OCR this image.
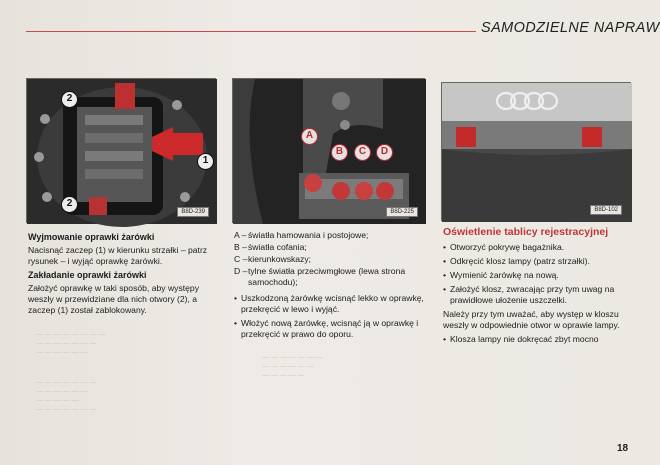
SAMODZIELNE NAPRAW
2
1
2
B8D-239
A
B	C	D
B8D-225	B8D-102
Wyjmowanie oprawki żarówki
Nacisnąć zaczep (1) w kierunku strzałki – patrz rysunek – i wyjąć oprawkę żarówki.
Zakładanie oprawki żarówki
Założyć oprawkę w taki sposób, aby występy weszły w przewidziane dla nich otwory (2), a zaczep (1) został zablokowany.
— — — — — — —
— — — — — —
— — — — —
— — — — — — — —
— — — — — — —
— — — — — —
— — — — — — —
— — — — — —
— — — — —
— — — — — — —
A – światła hamowania i postojowe;
B – światła cofania;
C – kierunkowskazy;
D – tylne światła przeciwmgłowe (lewa strona samochodu);
• Uszkodzoną żarówkę wcisnąć lekko w oprawkę, przekręcić w lewo i wyjąć.
• Włożyć nową żarówkę, wcisnąć ją w oprawkę i przekręcić w prawo do oporu.
Oświetlenie tablicy rejestracyjnej
• Otworzyć pokrywę bagażnika.
• Odkręcić klosz lampy (patrz strzałki).
• Wymienić żarówkę na nową.
• Założyć klosz, zwracając przy tym uwag na prawidłowe ułożenie uszczelki.
Należy przy tym uważać, aby występ w kloszu weszły w odpowiednie otwor w oprawie lampy.
• Klosza lampy nie dokręcać zbyt mocno
18
